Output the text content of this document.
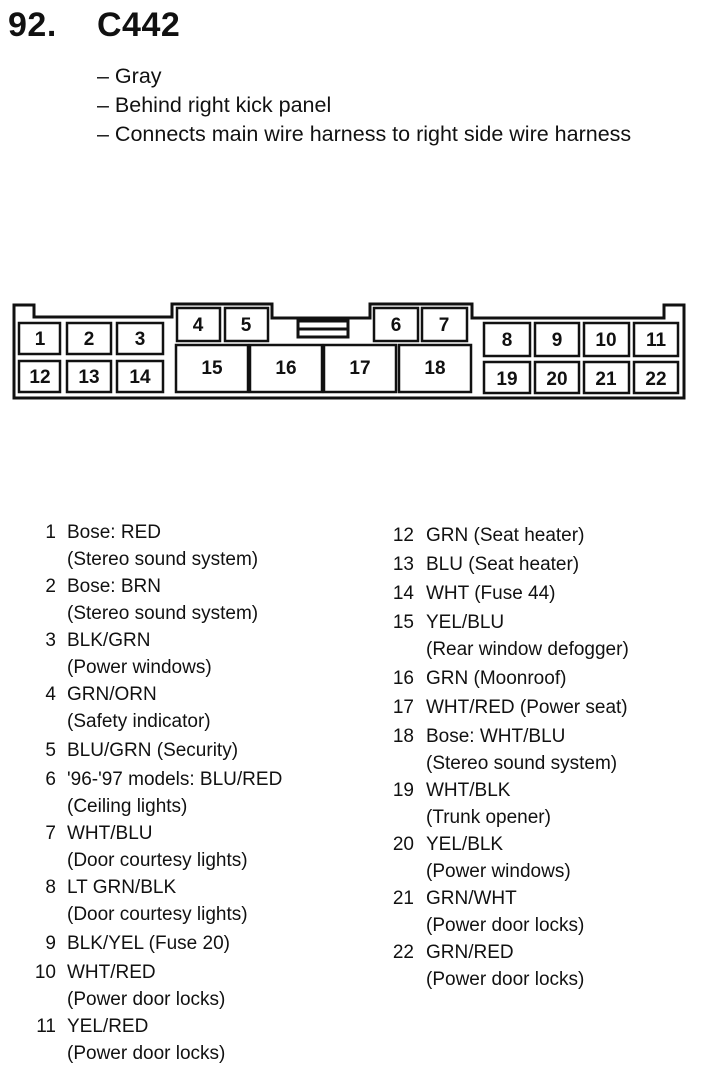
92. C442
– Gray
– Behind right kick panel
– Connects main wire harness to right side wire harness
1 2 3
4 5	6 7
8 9 10 11
12 13 14	15	16	17	18
19 20 21 22
1 Bose: RED
(Stereo sound system)
2 Bose: BRN
(Stereo sound system)
3 BLK/GRN
(Power windows)
4 GRN/ORN
(Safety indicator)
5 BLU/GRN (Security)
6 '96-'97 models: BLU/RED
(Ceiling lights)
7 WHT/BLU
(Door courtesy lights)
8 LT GRN/BLK
(Door courtesy lights)
9 BLK/YEL (Fuse 20)
10 WHT/RED
(Power door locks)
11 YEL/RED
(Power door locks)
12 GRN (Seat heater)
13 BLU (Seat heater)
14 WHT (Fuse 44)
15 YEL/BLU
(Rear window defogger)
16 GRN (Moonroof)
17 WHT/RED (Power seat)
18 Bose: WHT/BLU
(Stereo sound system)
19 WHT/BLK
(Trunk opener)
20 YEL/BLK
(Power windows)
21 GRN/WHT
(Power door locks)
22 GRN/RED
(Power door locks)
